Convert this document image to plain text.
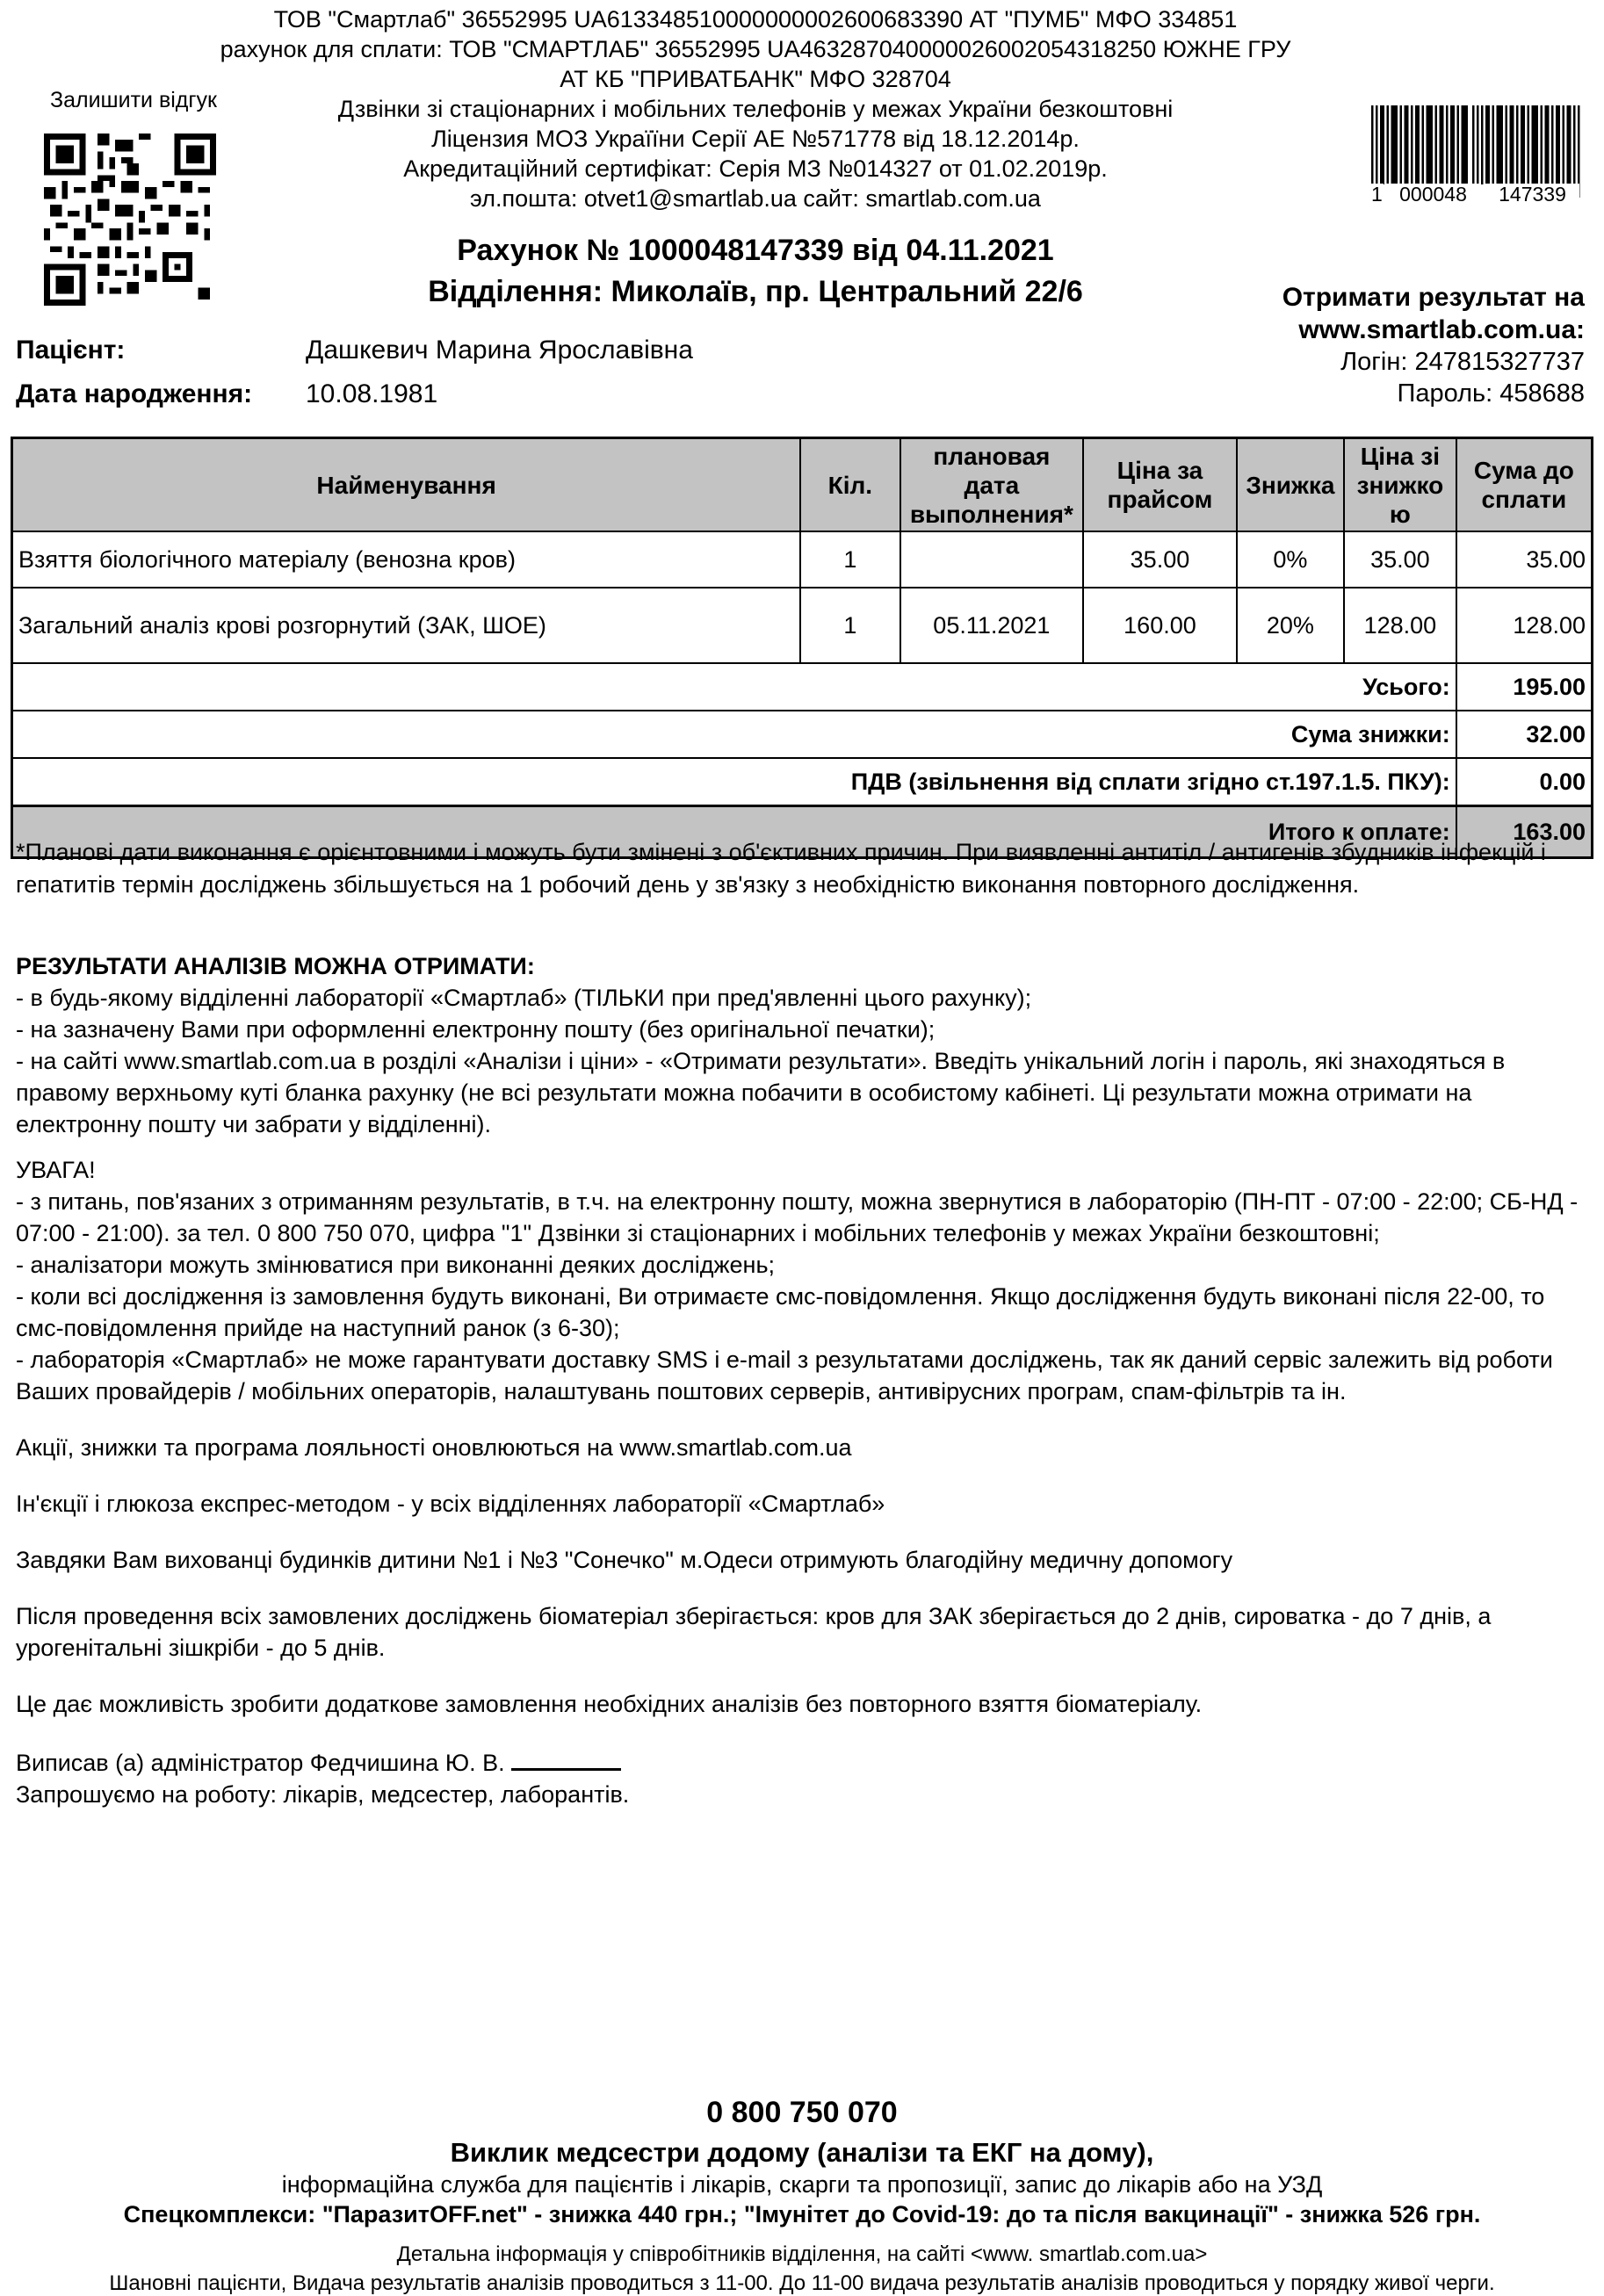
ТОВ "Смартлаб" 36552995 UA613348510000000002600683390 АТ "ПУМБ" МФО 334851
рахунок для сплати: ТОВ "СМАРТЛАБ" 36552995 UA463287040000026002054318250 ЮЖНЕ ГРУ
АТ КБ "ПРИВАТБАНК" МФО 328704
Дзвінки зі стаціонарних і мобільних телефонів у межах України безкоштовні
Ліцензия МОЗ Україїни Серії АЕ №571778 від 18.12.2014р.
Акредитаційний сертифікат: Серія МЗ №014327 от 01.02.2019р.
эл.пошта: otvet1@smartlab.ua сайт: smartlab.com.ua
Залишити відгук
1 000048	147339
Рахунок № 1000048147339 від 04.11.2021
Відділення: Миколаїв, пр. Центральний 22/6	Отримати результат на
www.smartlab.com.ua:
Логін: 247815327737
Пароль: 458688
Пацієнт:	Дашкевич Марина Ярославівна
Дата народження:	10.08.1981
Найменування	Кіл.	плановая дата выполнения*	Ціна за прайсом	Знижка	Ціна зі знижкою	Сума до сплати
Взяття біологічного матеріалу (венозна кров)	1		35.00	0%	35.00	35.00
Загальний аналіз крові розгорнутий (ЗАК, ШОЕ)	1	05.11.2021	160.00	20%	128.00	128.00
Усього:						195.00
Сума знижки:						32.00
ПДВ (звільнення від сплати згідно ст.197.1.5. ПКУ):						0.00
Итого к оплате:						163.00
*Планові дати виконання є орієнтовними і можуть бути змінені з об'єктивних причин. При виявленні антитіл / антигенів збудників інфекцій і гепатитів термін досліджень збільшується на 1 робочий день у зв'язку з необхідністю виконання повторного дослідження.
РЕЗУЛЬТАТИ АНАЛІЗІВ МОЖНА ОТРИМАТИ:
- в будь-якому відділенні лабораторії «Смартлаб» (ТІЛЬКИ при пред'явленні цього рахунку);
- на зазначену Вами при оформленні електронну пошту (без оригінальної печатки);
- на сайті www.smartlab.com.ua в розділі «Аналізи і ціни» - «Отримати результати». Введіть унікальний логін і пароль, які знаходяться в правому верхньому куті бланка рахунку (не всі результати можна побачити в особистому кабінеті. Ці результати можна отримати на електронну пошту чи забрати у відділенні).
УВАГА!
- з питань, пов'язаних з отриманням результатів, в т.ч. на електронну пошту, можна звернутися в лабораторію (ПН-ПТ - 07:00 - 22:00; СБ-НД - 07:00 - 21:00). за тел. 0 800 750 070, цифра "1" Дзвінки зі стаціонарних і мобільних телефонів у межах України безкоштовні;
- аналізатори можуть змінюватися при виконанні деяких досліджень;
- коли всі дослідження із замовлення будуть виконані, Ви отримаєте смс-повідомлення. Якщо дослідження будуть виконані після 22-00, то смс-повідомлення прийде на наступний ранок (з 6-30);
- лабораторія «Смартлаб» не може гарантувати доставку SMS і e-mail з результатами досліджень, так як даний сервіс залежить від роботи Ваших провайдерів / мобільних операторів, налаштувань поштових серверів, антивірусних програм, спам-фільтрів та ін.
Акції, знижки та програма лояльності оновлюються на www.smartlab.com.ua
Ін'єкції і глюкоза експрес-методом - у всіх відділеннях лабораторії «Смартлаб»
Завдяки Вам вихованці будинків дитини №1 і №3 "Сонечко" м.Одеси отримують благодійну медичну допомогу
Після проведення всіх замовлених досліджень біоматеріал зберігається: кров для ЗАК зберігається до 2 днів, сироватка - до 7 днів, а урогенітальні зішкріби - до 5 днів.
Це дає можливість зробити додаткове замовлення необхідних аналізів без повторного взяття біоматеріалу.
Виписав (а) адміністратор Федчишина Ю. В.
Запрошуємо на роботу: лікарів, медсестер, лаборантів.
0 800 750 070
Виклик медсестри додому (аналізи та ЕКГ на дому),
інформаційна служба для пацієнтів і лікарів, скарги та пропозиції, запис до лікарів або на УЗД
Спецкомплекси: "ПаразитOFF.net" - знижка 440 грн.; "Імунітет до Covid-19: до та після вакцинації" - знижка 526 грн.
Детальна інформація у співробітників відділення, на сайті <www. smartlab.com.ua>
Шановні пацієнти, Видача результатів аналізів проводиться з 11-00. До 11-00 видача результатів аналізів проводиться у порядку живої черги.
